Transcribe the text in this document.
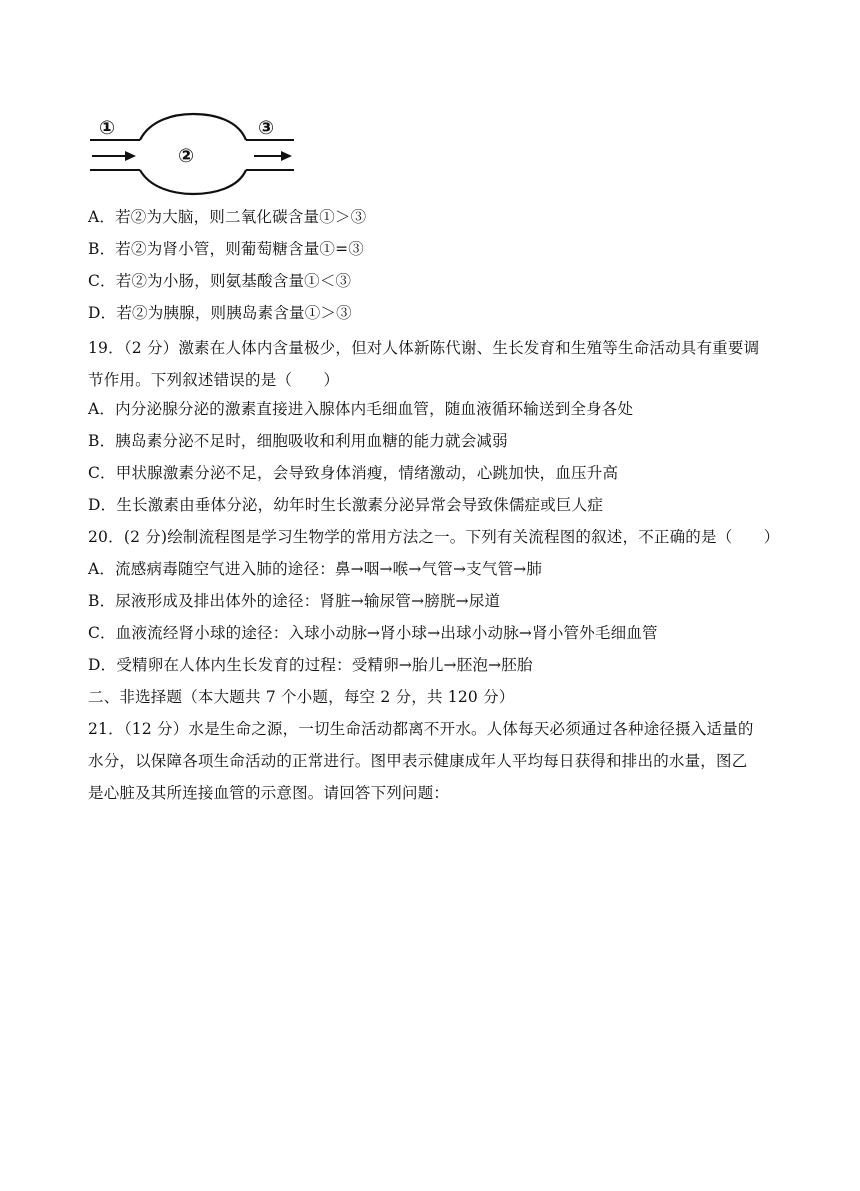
①
②
③
A．若②为大脑，则二氧化碳含量①＞③
B．若②为肾小管，则葡萄糖含量①=③
C．若②为小肠，则氨基酸含量①＜③
D．若②为胰腺，则胰岛素含量①＞③
19．（2 分）激素在人体内含量极少，但对人体新陈代谢、生长发育和生殖等生命活动具有重要调
节作用。下列叙述错误的是（　　）
A．内分泌腺分泌的激素直接进入腺体内毛细血管，随血液循环输送到全身各处
B．胰岛素分泌不足时，细胞吸收和利用血糖的能力就会减弱
C．甲状腺激素分泌不足，会导致身体消瘦，情绪激动，心跳加快，血压升高
D．生长激素由垂体分泌，幼年时生长激素分泌异常会导致侏儒症或巨人症
20．(2 分)绘制流程图是学习生物学的常用方法之一。下列有关流程图的叙述，不正确的是（　　）
A．流感病毒随空气进入肺的途径：鼻→咽→喉→气管→支气管→肺
B．尿液形成及排出体外的途径：肾脏→输尿管→膀胱→尿道
C．血液流经肾小球的途径：入球小动脉→肾小球→出球小动脉→肾小管外毛细血管
D．受精卵在人体内生长发育的过程：受精卵→胎儿→胚泡→胚胎
二、非选择题（本大题共 7 个小题，每空 2 分，共 120 分）
21．（12 分）水是生命之源，一切生命活动都离不开水。人体每天必须通过各种途径摄入适量的
水分，以保障各项生命活动的正常进行。图甲表示健康成年人平均每日获得和排出的水量，图乙
是心脏及其所连接血管的示意图。请回答下列问题：
